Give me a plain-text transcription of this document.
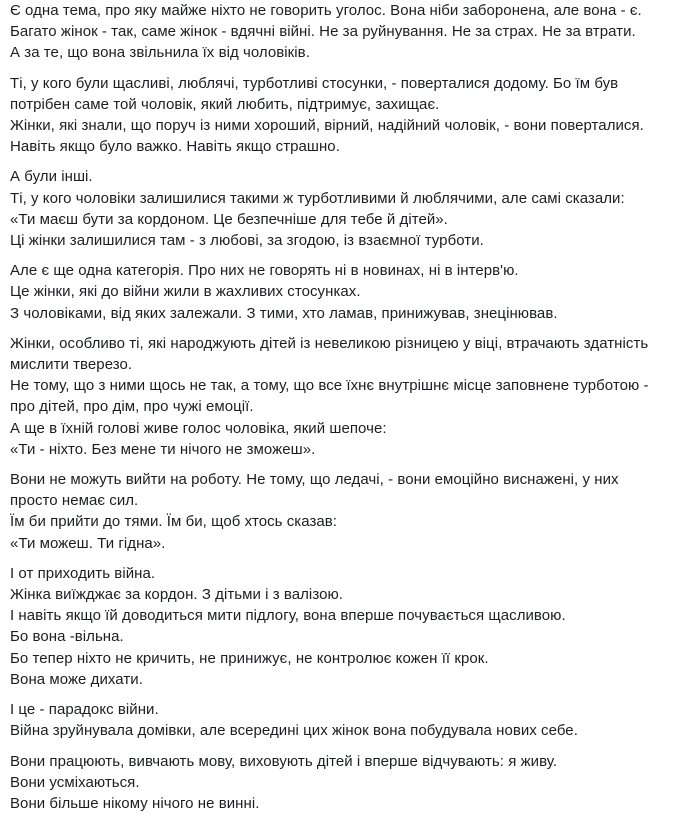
Є одна тема, про яку майже ніхто не говорить уголос. Вона ніби заборонена, але вона - є.
Багато жінок - так, саме жінок - вдячні війні. Не за руйнування. Не за страх. Не за втрати.
А за те, що вона звільнила їх від чоловіків.
Ті, у кого були щасливі, люблячі, турботливі стосунки, - поверталися додому. Бо їм був
потрібен саме той чоловік, який любить, підтримує, захищає.
Жінки, які знали, що поруч із ними хороший, вірний, надійний чоловік, - вони поверталися.
Навіть якщо було важко. Навіть якщо страшно.
А були інші.
Ті, у кого чоловіки залишилися такими ж турботливими й люблячими, але самі сказали:
«Ти маєш бути за кордоном. Це безпечніше для тебе й дітей».
Ці жінки залишилися там - з любові, за згодою, із взаємної турботи.
Але є ще одна категорія. Про них не говорять ні в новинах, ні в інтерв'ю.
Це жінки, які до війни жили в жахливих стосунках.
З чоловіками, від яких залежали. З тими, хто ламав, принижував, знецінював.
Жінки, особливо ті, які народжують дітей із невеликою різницею у віці, втрачають здатність
мислити тверезо.
Не тому, що з ними щось не так, а тому, що все їхнє внутрішнє місце заповнене турботою -
про дітей, про дім, про чужі емоції.
А ще в їхній голові живе голос чоловіка, який шепоче:
«Ти - ніхто. Без мене ти нічого не зможеш».
Вони не можуть вийти на роботу. Не тому, що ледачі, - вони емоційно виснажені, у них
просто немає сил.
Їм би прийти до тями. Їм би, щоб хтось сказав:
«Ти можеш. Ти гідна».
І от приходить війна.
Жінка виїжджає за кордон. З дітьми і з валізою.
І навіть якщо їй доводиться мити підлогу, вона вперше почувається щасливою.
Бо вона -вільна.
Бо тепер ніхто не кричить, не принижує, не контролює кожен її крок.
Вона може дихати.
І це - парадокс війни.
Війна зруйнувала домівки, але всередині цих жінок вона побудувала нових себе.
Вони працюють, вивчають мову, виховують дітей і вперше відчувають: я живу.
Вони усміхаються.
Вони більше нікому нічого не винні.
